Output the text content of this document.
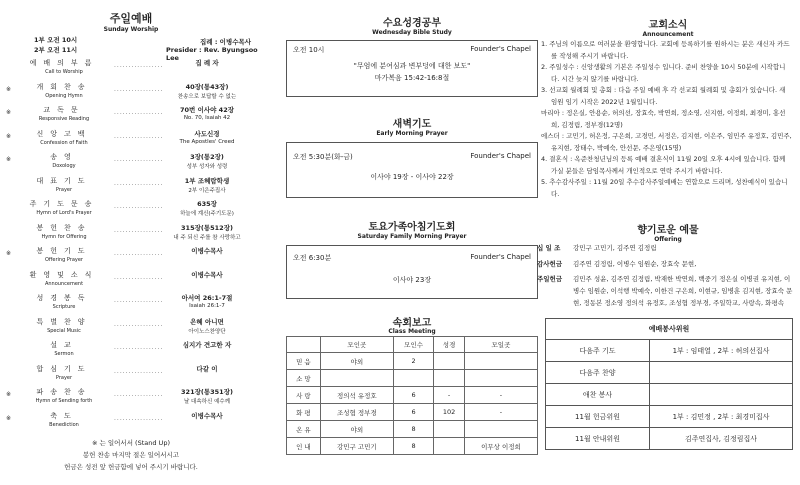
주일예배
Sunday Worship
1부 오전 10시
2부 오전 11시
집례 : 이병수목사
Presider : Rev. Byungsoo Lee
예배의부름
Call to Worship
.................	집 례 자
※	개회찬송
Opening Hymn
.................	40장(통43장)
찬송으로 보답할 수 없는
※	교독문
Responsive Reading
.................	70번 이사야 42장
No. 70, Isaiah 42
※	신앙고백
Confession of Faith
.................	사도신경
The Apostles' Creed
※	송영
Doxology
.................	3장(통2장)
성부 성자와 성령
대표기도
Prayer
.................	1부 조혜람학생
2부 이은주집사
주기도문송
Hymn of Lord's Prayer
.................	635장
하늘에 계신(주기도문)
봉헌찬송
Hymn for Offering
.................	315장(통512장)
내 주 되신 주를 참 사랑하고
※	봉헌기도
Offering Prayer
.................	이병수목사
환영및소식
Announcement
.................	이병수목사
성경봉독
Scripture
.................	아서여 26:1-7절
Isaiah 26:1-7
특별찬양
Special Music
.................	은혜 아니면
아이노스찬양단
설교
Sermon
.................	심지가 견고한 자
합심기도
Prayer
.................	다같 이
※	파송찬송
Hymn of Sending forth
.................	321장(통351장)
날 대속하신 예수께
※	축도
Benediction
.................	이병수목사
※ 는 일어서서 (Stand Up)
봉헌 찬송 마지막 절은 일어서시고
헌금은 성전 앞 헌금함에 넣어 주시기 바랍니다.
수요성경공부
Wednesday Bible Study
오전 10시	Founder's Chapel
"무엄에 분여심과 변부덩에 대한 보도"
마가복음 15:42-16:8절
새벽기도
Early Morning Prayer
오전 5:30분(화-금)	Founder's Chapel
이사야 19장 - 이사야 22장
토요가족아침기도회
Saturday Family Morning Prayer
오전 6:30분	Founder's Chapel
이사야 23장
속회보고
Class Meeting
	모인곳	모인수	성경	모일곳
믿 음	야외	2		
소 망				
사 랑	정의석 유정호	6	-	-
화 평	조성협 정부경	6	102	-
온 유	야외	8		
인 내	강민구 고민기	8		이무상 이정희
교회소식
Announcement

1. 주님의 이름으로 여러분을 환영합니다. 교회에 등록하기를 원하시는 분은 새신자 카드를 작성해 주시기 바랍니다.

2. 주일성수 : 신앙생활의 기본은 주일성수 입니다. 준비 찬양을 10시 50분에 시작합니다. 시간 늦지 않기를 바랍니다.

3. 선교회 월례회 및 총회 : 다음 주일 예배 후 각 선교회 월례회 및 총회가 있습니다. 새 임원 임기 시작은 2022년 1월입니다.

마리아 : 정은실, 안용순, 허의선, 장효숙, 박연희, 정소영, 신지현, 이정희, 최경미, 홍선희, 김정림, 정부경(12명)

에스더 : 고민기, 허은정, 구은희, 고경민, 서정은, 김지현, 이은주, 임민주 유정호, 김민주, 유지현, 장태수, 박예숙, 안선문, 주은영(15명)

4. 결혼식 : 옥준찬청년님의 등록 예배 결혼식이 11월 20일 오후 4시에 있습니다. 함께 가실 분들은 담임목사께서 개인적으로 연락 주시기 바랍니다.

5. 추수감사주일 : 11월 20일 추수감사주일예배는 연합으로 드리며, 성찬예식이 있습니다.

향기로운 예물
Offering
십 일 조	강민구 고민기, 김주연 김정림
감사헌금	김주연 김정림, 이병수 임원순, 장효숙 문현,
주일헌금	김민주 성윤, 김주연 김정림, 박재한 박연희, 백중기 정은실 이병권 유지현, 이병수 임원순, 이석행 박예숙, 이한건 구은희, 이현규, 임병훈 김지현, 장효숙 문현, 정동본 정소영 정의석 유정호, 조성협 정부경, 주일학교, 사랑속, 화평속
예배봉사위원	
다음주 기도	1부 : 임태열 , 2부 : 허의선집사
다음주 찬양	
애찬 봉사	
11월 헌금위원	1부 : 김민정 , 2부 : 최경미집사
11월 안내위원	김주연집사, 김정림집사
